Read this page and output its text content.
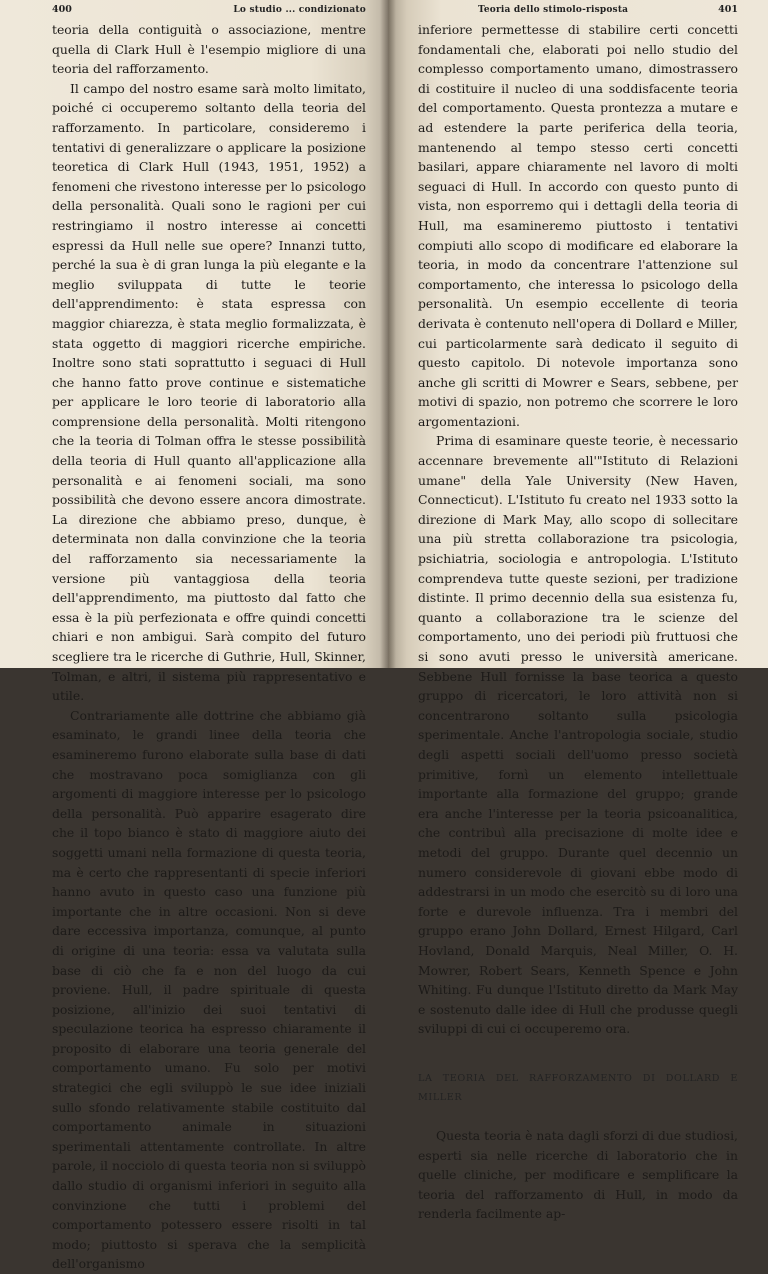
400	Lo studio ... condizionato

teoria della contiguità o associazione, mentre quella di Clark Hull è l'esempio migliore di una teoria del rafforzamento.

Il campo del nostro esame sarà molto limitato, poiché ci occuperemo soltanto della teoria del rafforzamento. In particolare, consideremo i tentativi di generalizzare o applicare la posizione teoretica di Clark Hull (1943, 1951, 1952) a fenomeni che rivestono interesse per lo psicologo della personalità. Quali sono le ragioni per cui restringiamo il nostro interesse ai concetti espressi da Hull nelle sue opere? Innanzi tutto, perché la sua è di gran lunga la più elegante e la meglio sviluppata di tutte le teorie dell'apprendimento: è stata espressa con maggior chiarezza, è stata meglio formalizzata, è stata oggetto di maggiori ricerche empiriche. Inoltre sono stati soprattutto i seguaci di Hull che hanno fatto prove continue e sistematiche per applicare le loro teorie di laboratorio alla comprensione della personalità. Molti ritengono che la teoria di Tolman offra le stesse possibilità della teoria di Hull quanto all'applicazione alla personalità e ai fenomeni sociali, ma sono possibilità che devono essere ancora dimostrate. La direzione che abbiamo preso, dunque, è determinata non dalla convinzione che la teoria del rafforzamento sia necessariamente la versione più vantaggiosa della teoria dell'apprendimento, ma piuttosto dal fatto che essa è la più perfezionata e offre quindi concetti chiari e non ambigui. Sarà compito del futuro scegliere tra le ricerche di Guthrie, Hull, Skinner, Tolman, e altri, il sistema più rappresentativo e utile.

Contrariamente alle dottrine che abbiamo già esaminato, le grandi linee della teoria che esamineremo furono elaborate sulla base di dati che mostravano poca somiglianza con gli argomenti di maggiore interesse per lo psicologo della personalità. Può apparire esagerato dire che il topo bianco è stato di maggiore aiuto dei soggetti umani nella formazione di questa teoria, ma è certo che rappresentanti di specie inferiori hanno avuto in questo caso una funzione più importante che in altre occasioni. Non si deve dare eccessiva importanza, comunque, al punto di origine di una teoria: essa va valutata sulla base di ciò che fa e non del luogo da cui proviene. Hull, il padre spirituale di questa posizione, all'inizio dei suoi tentativi di speculazione teorica ha espresso chiaramente il proposito di elaborare una teoria generale del comportamento umano. Fu solo per motivi strategici che egli sviluppò le sue idee iniziali sullo sfondo relativamente stabile costituito dal comportamento animale in situazioni sperimentali attentamente controllate. In altre parole, il nocciolo di questa teoria non si sviluppò dallo studio di organismi inferiori in seguito alla convinzione che tutti i problemi del comportamento potessero essere risolti in tal modo; piuttosto si sperava che la semplicità dell'organismo

Teoria dello stimolo-risposta	401

inferiore permettesse di stabilire certi concetti fondamentali che, elaborati poi nello studio del complesso comportamento umano, dimostrassero di costituire il nucleo di una soddisfacente teoria del comportamento. Questa prontezza a mutare e ad estendere la parte periferica della teoria, mantenendo al tempo stesso certi concetti basilari, appare chiaramente nel lavoro di molti seguaci di Hull. In accordo con questo punto di vista, non esporremo qui i dettagli della teoria di Hull, ma esamineremo piuttosto i tentativi compiuti allo scopo di modificare ed elaborare la teoria, in modo da concentrare l'attenzione sul comportamento, che interessa lo psicologo della personalità. Un esempio eccellente di teoria derivata è contenuto nell'opera di Dollard e Miller, cui particolarmente sarà dedicato il seguito di questo capitolo. Di notevole importanza sono anche gli scritti di Mowrer e Sears, sebbene, per motivi di spazio, non potremo che scorrere le loro argomentazioni.

Prima di esaminare queste teorie, è necessario accennare brevemente all'"Istituto di Relazioni umane" della Yale University (New Haven, Connecticut). L'Istituto fu creato nel 1933 sotto la direzione di Mark May, allo scopo di sollecitare una più stretta collaborazione tra psicologia, psichiatria, sociologia e antropologia. L'Istituto comprendeva tutte queste sezioni, per tradizione distinte. Il primo decennio della sua esistenza fu, quanto a collaborazione tra le scienze del comportamento, uno dei periodi più fruttuosi che si sono avuti presso le università americane. Sebbene Hull fornisse la base teorica a questo gruppo di ricercatori, le loro attività non si concentrarono soltanto sulla psicologia sperimentale. Anche l'antropologia sociale, studio degli aspetti sociali dell'uomo presso società primitive, fornì un elemento intellettuale importante alla formazione del gruppo; grande era anche l'interesse per la teoria psicoanalitica, che contribuì alla precisazione di molte idee e metodi del gruppo. Durante quel decennio un numero considerevole di giovani ebbe modo di addestrarsi in un modo che esercitò su di loro una forte e durevole influenza. Tra i membri del gruppo erano John Dollard, Ernest Hilgard, Carl Hovland, Donald Marquis, Neal Miller, O. H. Mowrer, Robert Sears, Kenneth Spence e John Whiting. Fu dunque l'Istituto diretto da Mark May e sostenuto dalle idee di Hull che produsse quegli sviluppi di cui ci occuperemo ora.

LA TEORIA DEL RAFFORZAMENTO DI DOLLARD E MILLER

Questa teoria è nata dagli sforzi di due studiosi, esperti sia nelle ricerche di laboratorio che in quelle cliniche, per modificare e semplificare la teoria del rafforzamento di Hull, in modo da renderla facilmente ap-
